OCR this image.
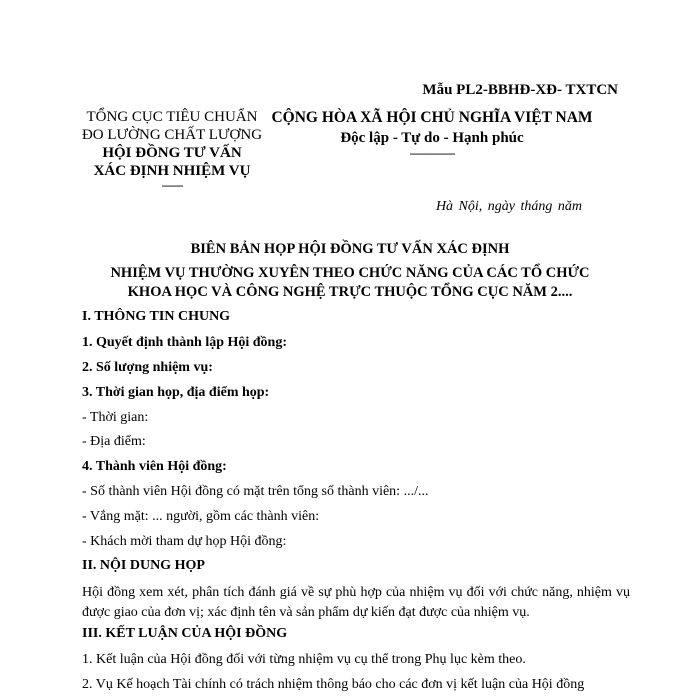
Mẫu PL2-BBHĐ-XĐ- TXTCN
TỔNG CỤC TIÊU CHUẨN
ĐO LƯỜNG CHẤT LƯỢNG
HỘI ĐỒNG TƯ VẤN
XÁC ĐỊNH NHIỆM VỤ
-------
CỘNG HÒA XÃ HỘI CHỦ NGHĨA VIỆT NAM
Độc lập - Tự do - Hạnh phúc
---------------
Hà Nội, ngày tháng năm
BIÊN BẢN HỌP HỘI ĐỒNG TƯ VẤN XÁC ĐỊNH
NHIỆM VỤ THƯỜNG XUYÊN THEO CHỨC NĂNG CỦA CÁC TỔ CHỨC
KHOA HỌC VÀ CÔNG NGHỆ TRỰC THUỘC TỔNG CỤC NĂM 2....
I. THÔNG TIN CHUNG
1. Quyết định thành lập Hội đồng:
2. Số lượng nhiệm vụ:
3. Thời gian họp, địa điểm họp:
- Thời gian:
- Địa điểm:
4. Thành viên Hội đồng:
- Số thành viên Hội đồng có mặt trên tổng số thành viên: .../...
- Vắng mặt: ... người, gồm các thành viên:
- Khách mời tham dự họp Hội đồng:
II. NỘI DUNG HỌP
Hội đồng xem xét, phân tích đánh giá về sự phù hợp của nhiệm vụ đối với chức năng, nhiệm vụ được giao của đơn vị; xác định tên và sản phẩm dự kiến đạt được của nhiệm vụ.
III. KẾT LUẬN CỦA HỘI ĐỒNG
1. Kết luận của Hội đồng đối với từng nhiệm vụ cụ thể trong Phụ lục kèm theo.
2. Vụ Kế hoạch Tài chính có trách nhiệm thông báo cho các đơn vị kết luận của Hội đồng
